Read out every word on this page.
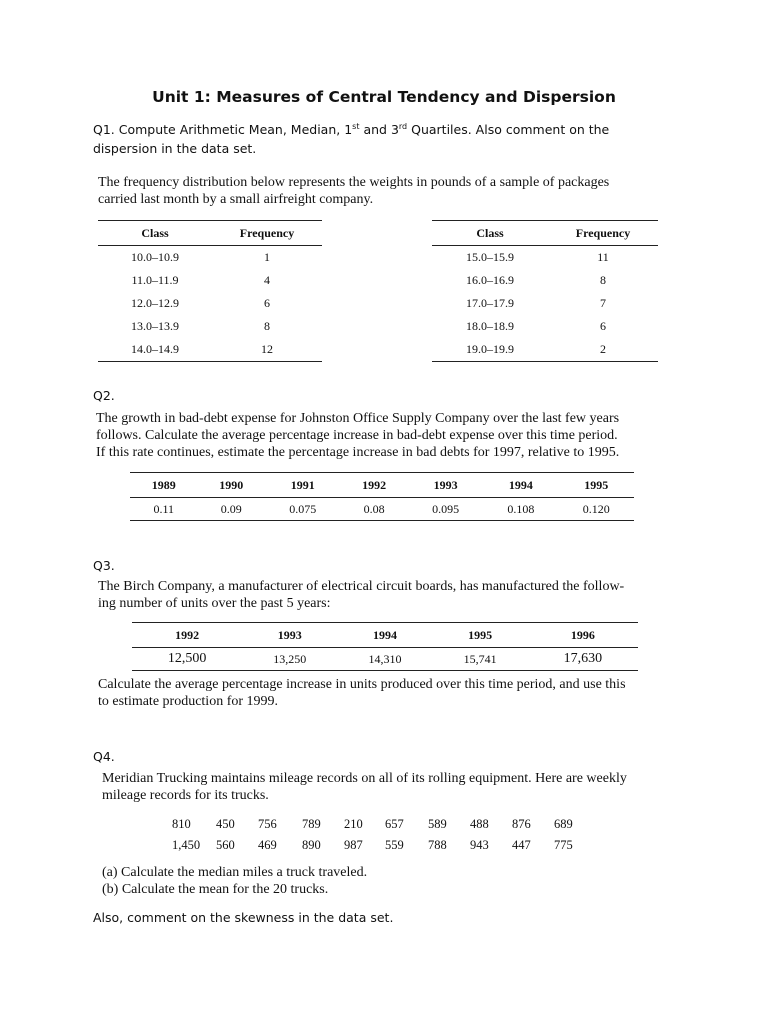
Unit 1: Measures of Central Tendency and Dispersion
Q1. Compute Arithmetic Mean, Median, 1st and 3rd Quartiles. Also comment on the dispersion in the data set.
The frequency distribution below represents the weights in pounds of a sample of packages
carried last month by a small airfreight company.
Class	Frequency
10.0–10.9	1
11.0–11.9	4
12.0–12.9	6
13.0–13.9	8
14.0–14.9	12
Class	Frequency
15.0–15.9	11
16.0–16.9	8
17.0–17.9	7
18.0–18.9	6
19.0–19.9	2
Q2.
The growth in bad-debt expense for Johnston Office Supply Company over the last few years
follows. Calculate the average percentage increase in bad-debt expense over this time period.
If this rate continues, estimate the percentage increase in bad debts for 1997, relative to 1995.
1989	1990	1991	1992	1993	1994	1995
0.11	0.09	0.075	0.08	0.095	0.108	0.120
Q3.
The Birch Company, a manufacturer of electrical circuit boards, has manufactured the follow-
ing number of units over the past 5 years:
1992	1993	1994	1995	1996
12,500	13,250	14,310	15,741	17,630
Calculate the average percentage increase in units produced over this time period, and use this
to estimate production for 1999.
Q4.
Meridian Trucking maintains mileage records on all of its rolling equipment. Here are weekly
mileage records for its trucks.
810	450	756	789	210	657	589	488	876	689
1,450	560	469	890	987	559	788	943	447	775
(a) Calculate the median miles a truck traveled.
(b) Calculate the mean for the 20 trucks.
Also, comment on the skewness in the data set.
